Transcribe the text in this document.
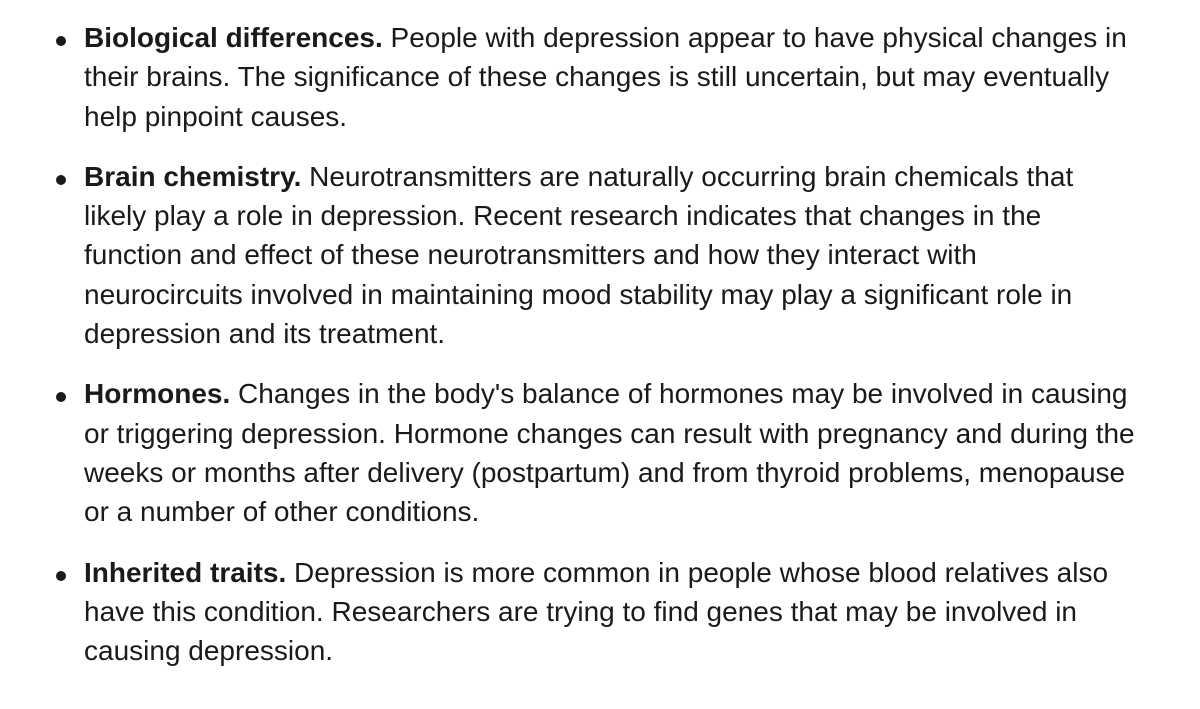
Biological differences. People with depression appear to have physical changes in their brains. The significance of these changes is still uncertain, but may eventually help pinpoint causes.
Brain chemistry. Neurotransmitters are naturally occurring brain chemicals that likely play a role in depression. Recent research indicates that changes in the function and effect of these neurotransmitters and how they interact with neurocircuits involved in maintaining mood stability may play a significant role in depression and its treatment.
Hormones. Changes in the body's balance of hormones may be involved in causing or triggering depression. Hormone changes can result with pregnancy and during the weeks or months after delivery (postpartum) and from thyroid problems, menopause or a number of other conditions.
Inherited traits. Depression is more common in people whose blood relatives also have this condition. Researchers are trying to find genes that may be involved in causing depression.
